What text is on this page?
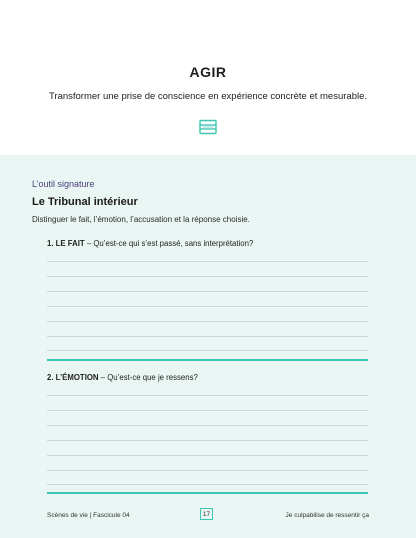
AGIR
Transformer une prise de conscience en expérience concrète et mesurable.
L’outil signature
Le Tribunal intérieur
Distinguer le fait, l’émotion, l’accusation et la réponse choisie.
1. LE FAIT – Qu’est-ce qui s’est passé, sans interprétation?
2. L’ÉMOTION – Qu’est-ce que je ressens?
Scènes de vie | Fascicule 04	17	Je culpabilise de ressentir ça
